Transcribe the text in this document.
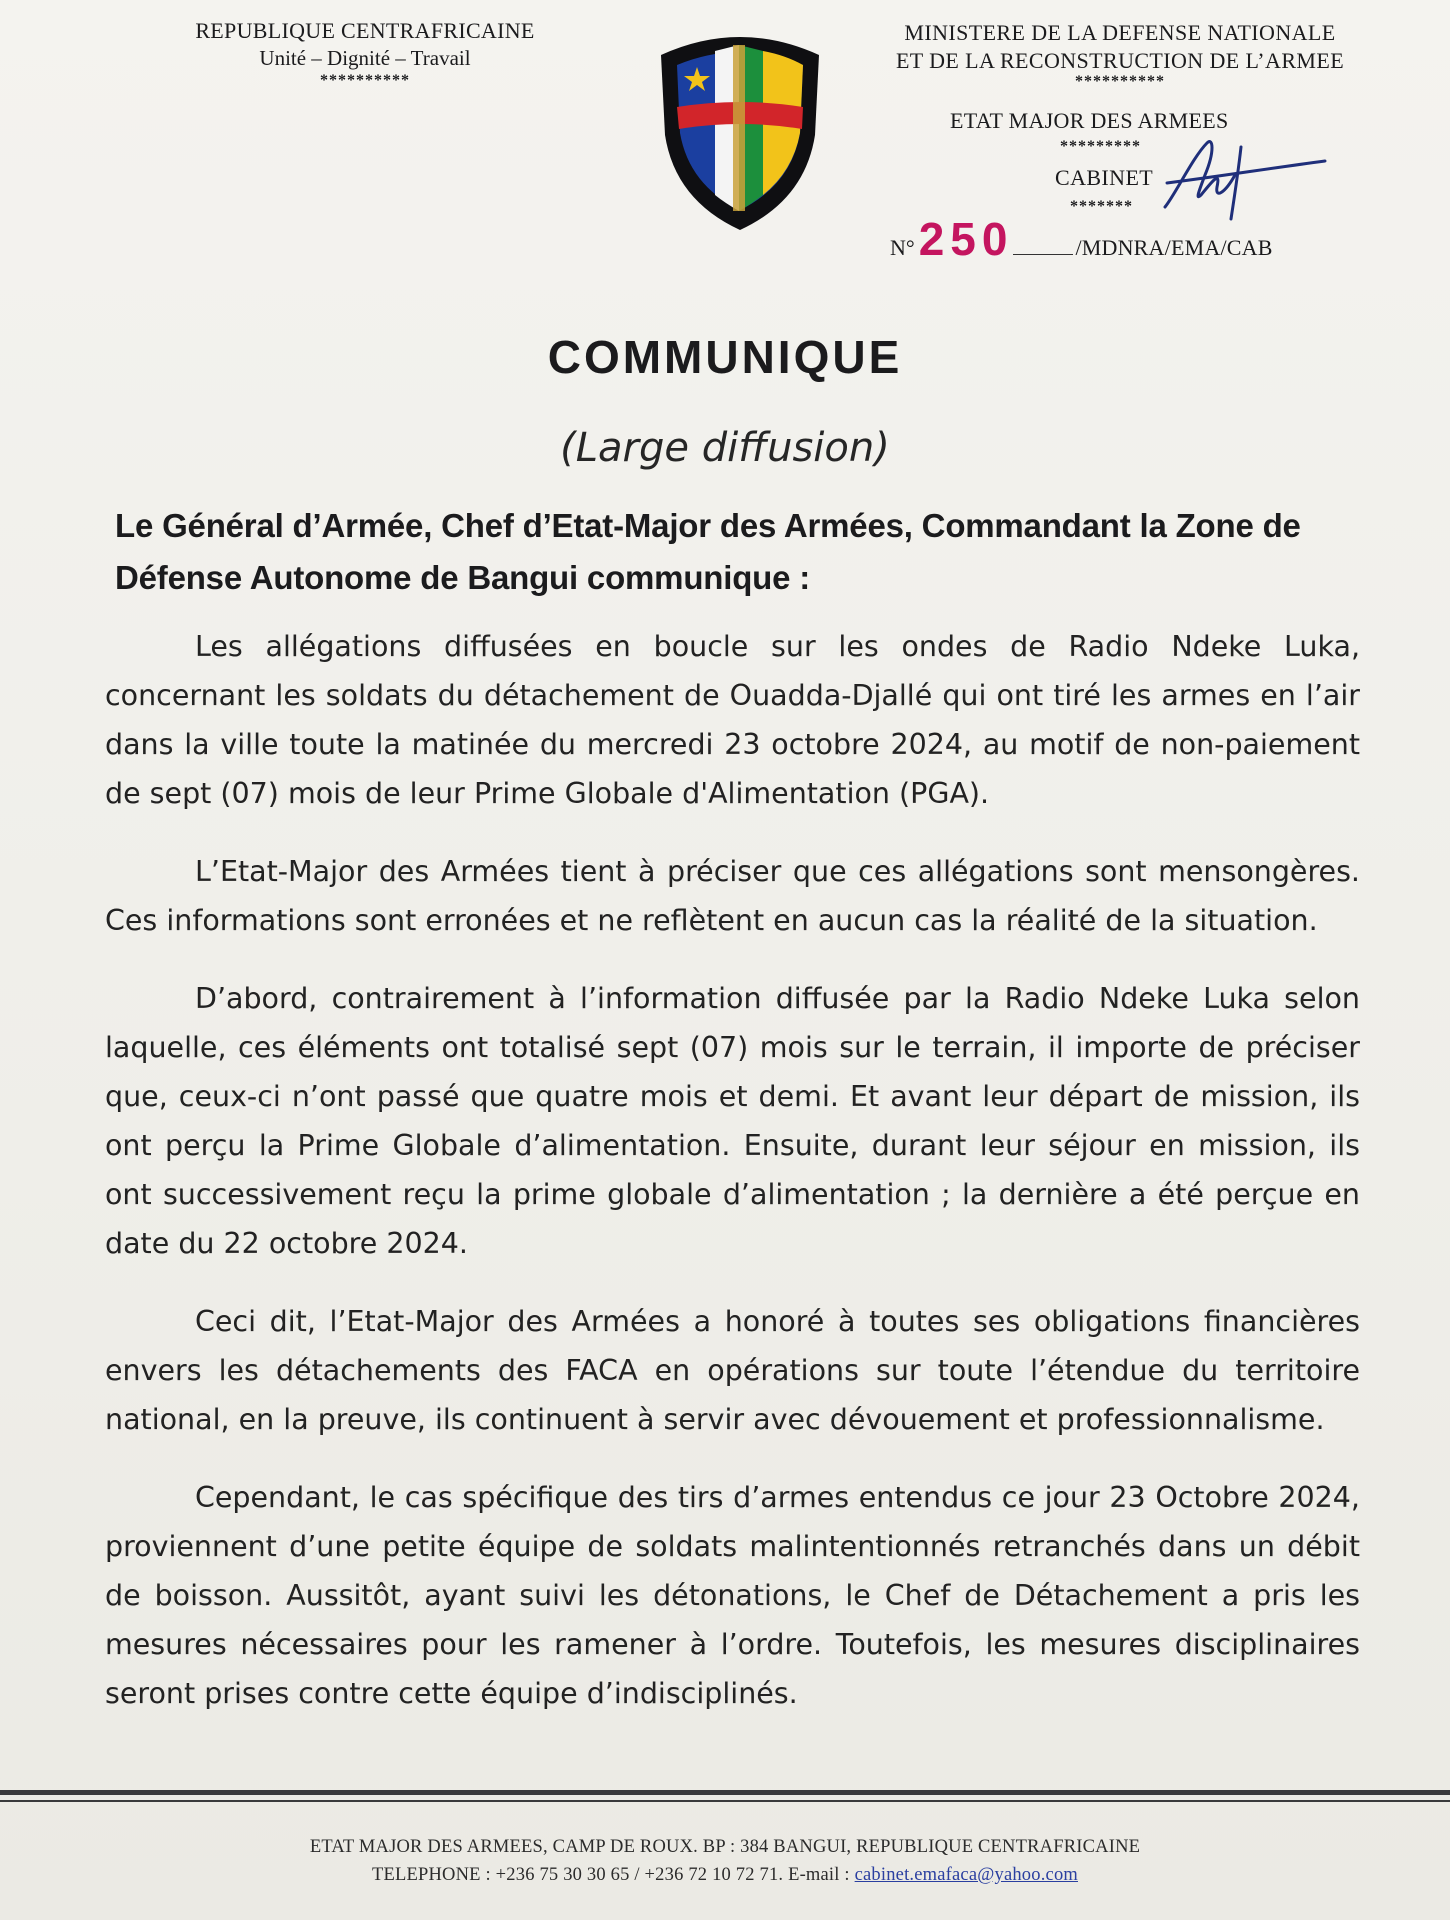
REPUBLIQUE CENTRAFRICAINE
Unité – Dignité – Travail
**********
MINISTERE DE LA DEFENSE NATIONALE
ET DE LA RECONSTRUCTION DE L’ARMEE
**********
ETAT MAJOR DES ARMEES
*********
CABINET
*******
N° 250	/MDNRA/EMA/CAB
COMMUNIQUE
(Large diffusion)
Le Général d’Armée, Chef d’Etat-Major des Armées, Commandant la Zone de Défense Autonome de Bangui communique :

Les allégations diffusées en boucle sur les ondes de Radio Ndeke Luka, concernant les soldats du détachement de Ouadda-Djallé qui ont tiré les armes en l’air dans la ville toute la matinée du mercredi 23 octobre 2024, au motif de non-paiement de sept (07) mois de leur Prime Globale d'Alimentation (PGA).

L’Etat-Major des Armées tient à préciser que ces allégations sont mensongères. Ces informations sont erronées et ne reflètent en aucun cas la réalité de la situation.

D’abord, contrairement à l’information diffusée par la Radio Ndeke Luka selon laquelle, ces éléments ont totalisé sept (07) mois sur le terrain, il importe de préciser que, ceux-ci n’ont passé que quatre mois et demi. Et avant leur départ de mission, ils ont perçu la Prime Globale d’alimentation. Ensuite, durant leur séjour en mission, ils ont successivement reçu la prime globale d’alimentation ; la dernière a été perçue en date du 22 octobre 2024.

Ceci dit, l’Etat-Major des Armées a honoré à toutes ses obligations financières envers les détachements des FACA en opérations sur toute l’étendue du territoire national, en la preuve, ils continuent à servir avec dévouement et professionnalisme.

Cependant, le cas spécifique des tirs d’armes entendus ce jour 23 Octobre 2024, proviennent d’une petite équipe de soldats malintentionnés retranchés dans un débit de boisson. Aussitôt, ayant suivi les détonations, le Chef de Détachement a pris les mesures nécessaires pour les ramener à l’ordre. Toutefois, les mesures disciplinaires seront prises contre cette équipe d’indisciplinés.

ETAT MAJOR DES ARMEES, CAMP DE ROUX. BP : 384 BANGUI, REPUBLIQUE CENTRAFRICAINE
TELEPHONE : +236 75 30 30 65 / +236 72 10 72 71. E-mail : cabinet.emafaca@yahoo.com
